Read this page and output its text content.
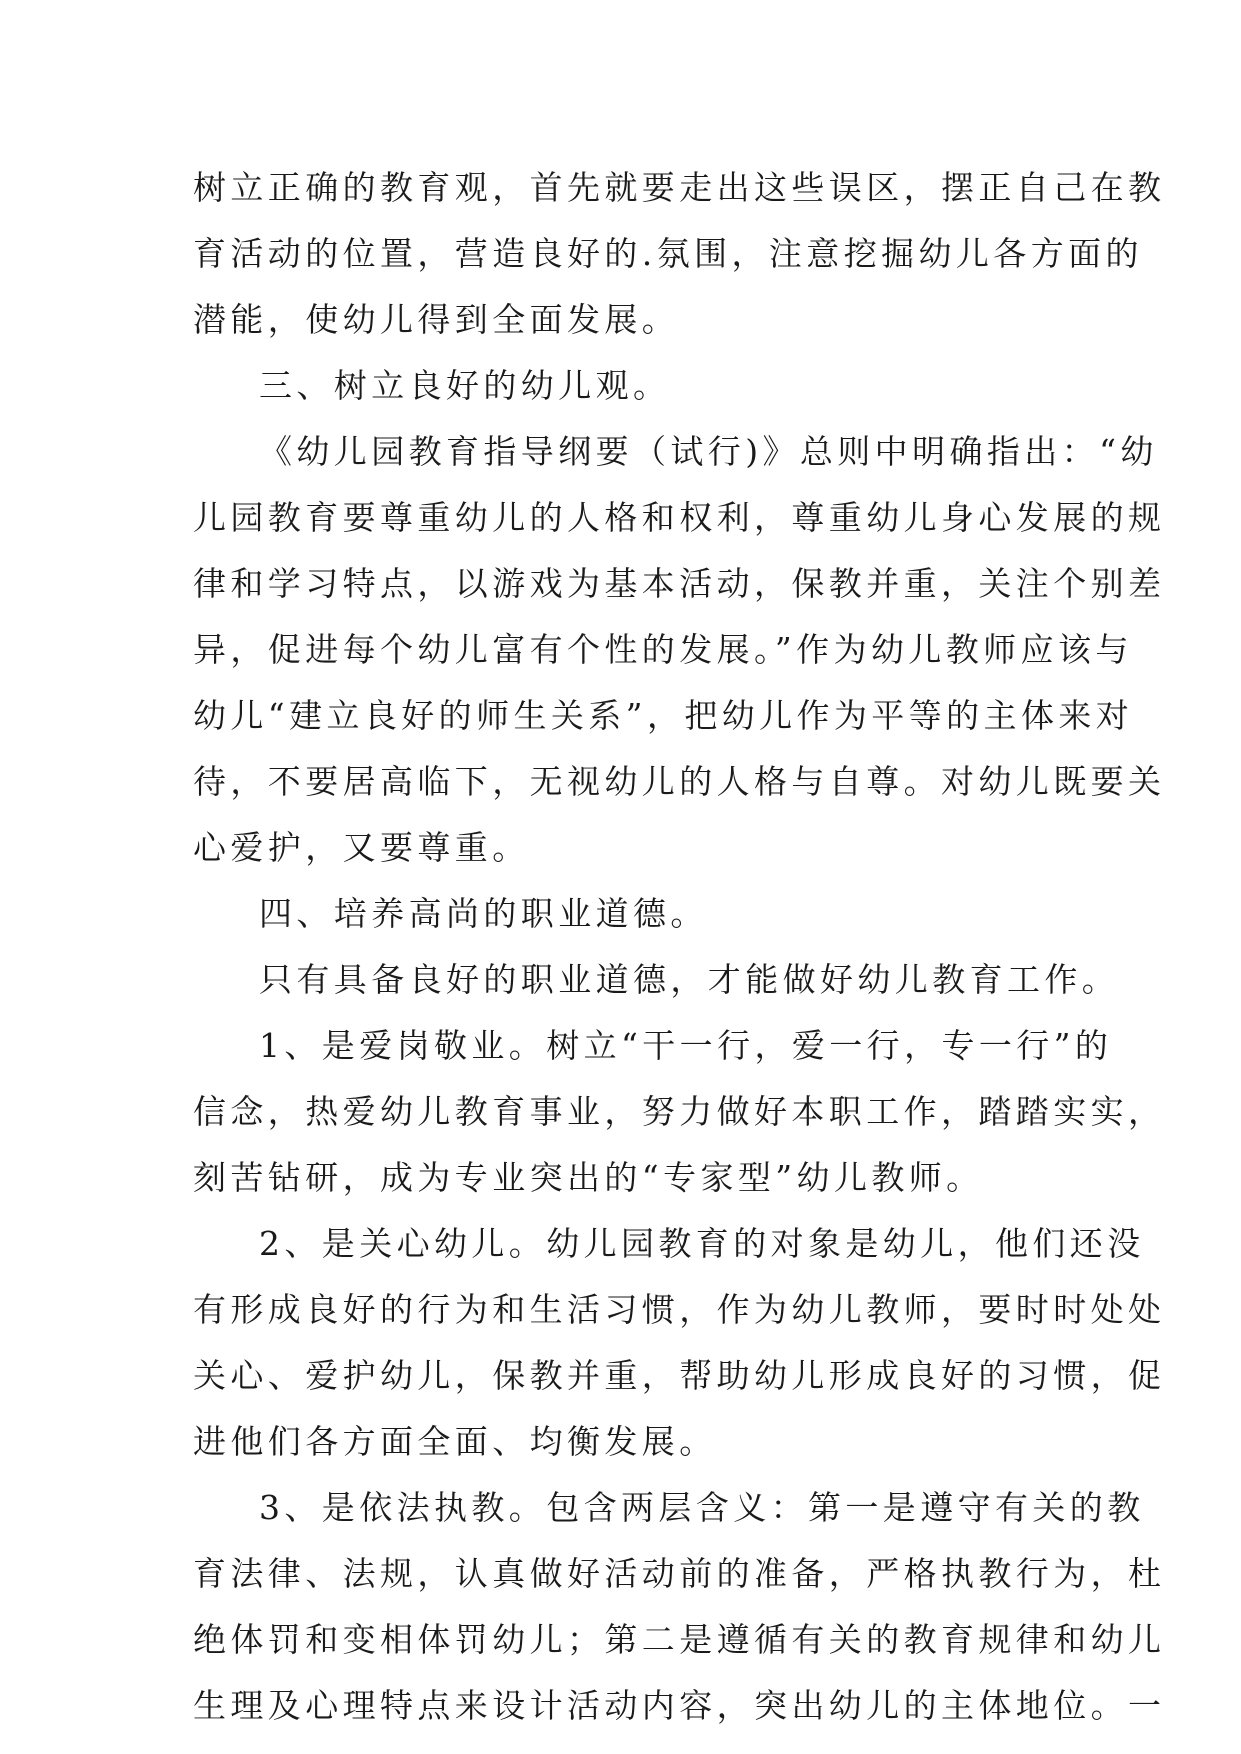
树立正确的教育观，首先就要走出这些误区，摆正自己在教
育活动的位置，营造良好的.氛围，注意挖掘幼儿各方面的
潜能，使幼儿得到全面发展。
三、树立良好的幼儿观。
《幼儿园教育指导纲要（试行)》总则中明确指出：“幼
儿园教育要尊重幼儿的人格和权利，尊重幼儿身心发展的规
律和学习特点，以游戏为基本活动，保教并重，关注个别差
异，促进每个幼儿富有个性的发展。”作为幼儿教师应该与
幼儿“建立良好的师生关系”，把幼儿作为平等的主体来对
待，不要居高临下，无视幼儿的人格与自尊。对幼儿既要关
心爱护，又要尊重。
四、培养高尚的职业道德。
只有具备良好的职业道德，才能做好幼儿教育工作。
1、是爱岗敬业。树立“干一行，爱一行，专一行”的
信念，热爱幼儿教育事业，努力做好本职工作，踏踏实实，
刻苦钻研，成为专业突出的“专家型”幼儿教师。
2、是关心幼儿。幼儿园教育的对象是幼儿，他们还没
有形成良好的行为和生活习惯，作为幼儿教师，要时时处处
关心、爱护幼儿，保教并重，帮助幼儿形成良好的习惯，促
进他们各方面全面、均衡发展。
3、是依法执教。包含两层含义：第一是遵守有关的教
育法律、法规，认真做好活动前的准备，严格执教行为，杜
绝体罚和变相体罚幼儿；第二是遵循有关的教育规律和幼儿
生理及心理特点来设计活动内容，突出幼儿的主体地位。一
